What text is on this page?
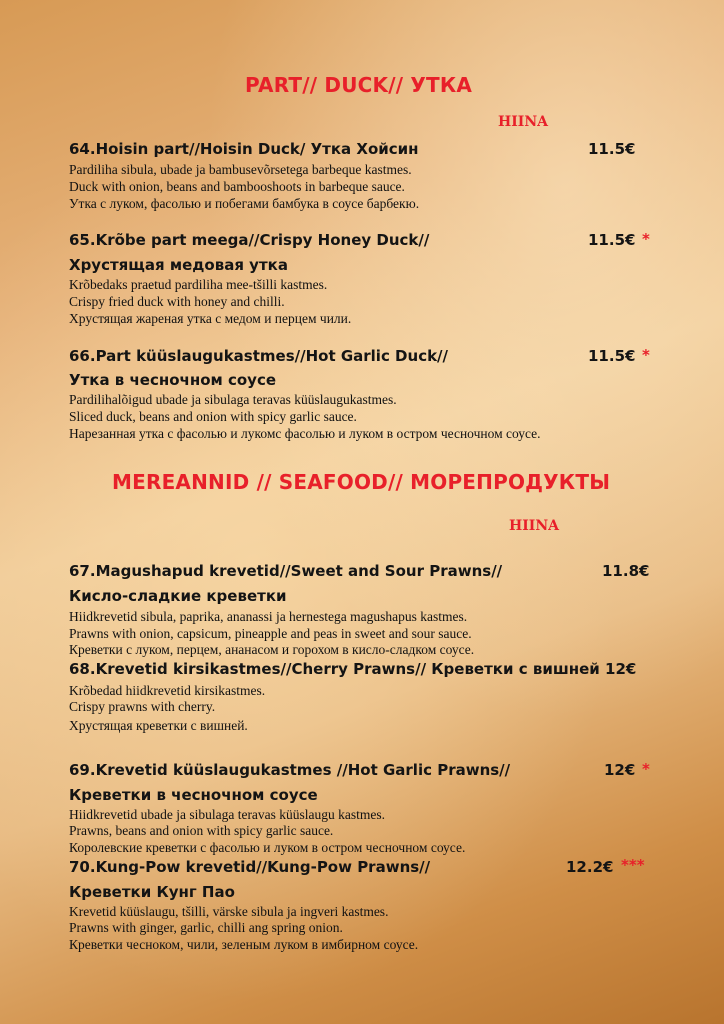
PART// DUCK// УТКА
HIINA
64.Hoisin part//Hoisin Duck/ Утка Хойсин	11.5€
Pardiliha sibula, ubade ja bambusevõrsetega barbeque kastmes.
Duck with onion, beans and bambooshoots in barbeque sauce.
Утка с луком, фасолью и побегами бамбука в соусе барбекю.
65.Krõbe part meega//Crispy Honey Duck//	11.5€ *
Хрустящая медовая утка
Krõbedaks praetud pardiliha mee-tšilli kastmes.
Crispy fried duck with honey and chilli.
Хрустящая жареная утка с медом и перцем чили.
66.Part küüslaugukastmes//Hot Garlic Duck//	11.5€ *
Утка в чесночном соусе
Pardilihalõigud ubade ja sibulaga teravas küüslaugukastmes.
Sliced duck, beans and onion with spicy garlic sauce.
Нарезанная утка с фасолью и лукомс фасолью и луком в остром чесночном соусе.
MEREANNID // SEAFOOD// МОРЕПРОДУКТЫ
HIINA
67.Magushapud krevetid//Sweet and Sour Prawns//	11.8€
Кисло-сладкие креветки
Hiidkrevetid sibula, paprika, ananassi ja hernestega magushapus kastmes.
Prawns with onion, capsicum, pineapple and peas in sweet and sour sauce.
Креветки с луком, перцем, ананасом и горохом в кисло-сладком соусе.
68.Krevetid kirsikastmes//Cherry Prawns// Креветки с вишней 12€
Krõbedad hiidkrevetid kirsikastmes.
Crispy prawns with cherry.
Хрустящая креветки с вишней.
69.Krevetid küüslaugukastmes //Hot Garlic Prawns//	12€ *
Креветки в чесночном соусе
Hiidkrevetid ubade ja sibulaga teravas küüslaugu kastmes.
Prawns, beans and onion with spicy garlic sauce.
Королевские креветки с фасолью и луком в остром чесночном соусе.
70.Kung-Pow krevetid//Kung-Pow Prawns//	12.2€ ***
Креветки Кунг Пао
Krevetid küüslaugu, tšilli, värske sibula ja ingveri kastmes.
Prawns with ginger, garlic, chilli ang spring onion.
Креветки чесноком, чили, зеленым луком в имбирном соусе.
